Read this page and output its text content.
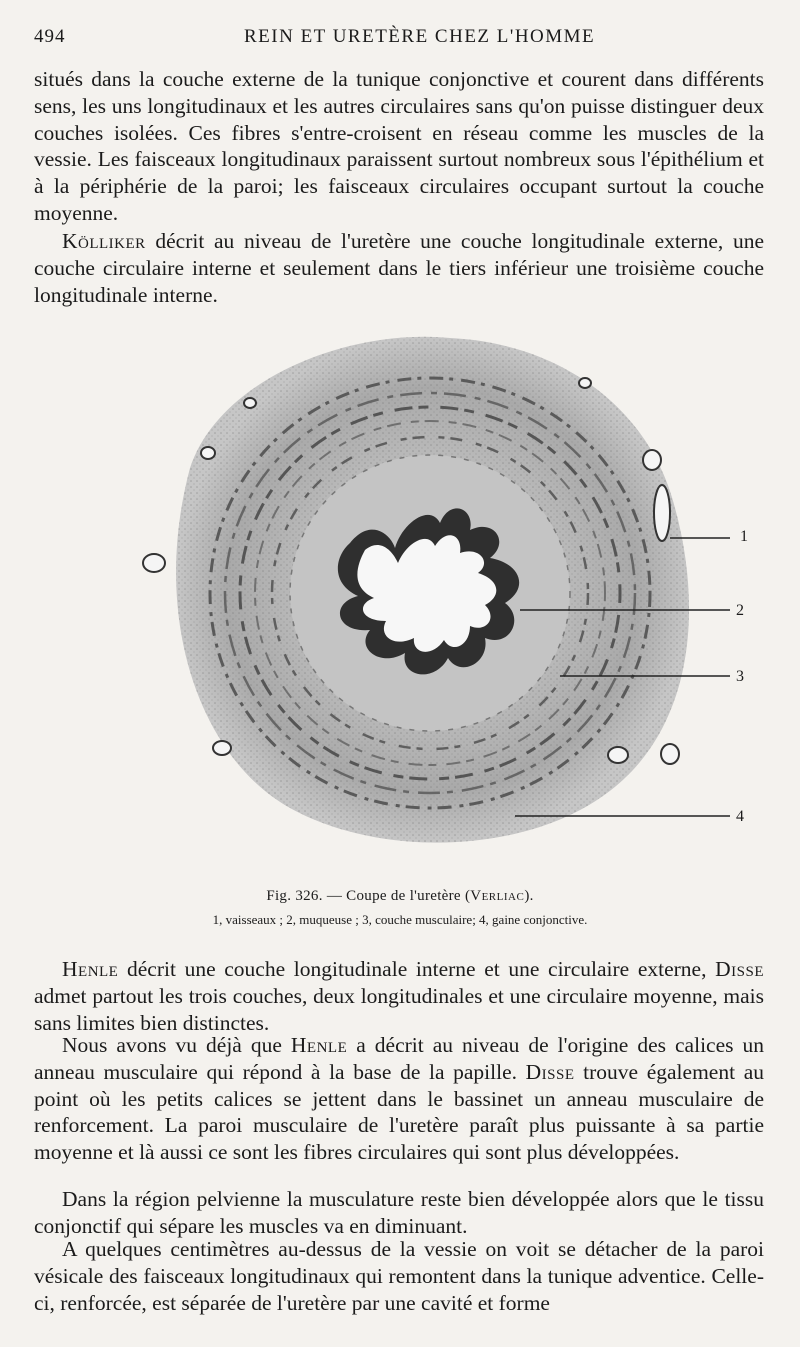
494	REIN ET URETÈRE CHEZ L'HOMME

situés dans la couche externe de la tunique conjonctive et courent dans différents sens, les uns longitudinaux et les autres circulaires sans qu'on puisse distinguer deux couches isolées. Ces fibres s'entre-croisent en réseau comme les muscles de la vessie. Les faisceaux longitudinaux paraissent surtout nombreux sous l'épithélium et à la périphérie de la paroi; les faisceaux circulaires occupant surtout la couche moyenne.

Kölliker décrit au niveau de l'uretère une couche longitudinale externe, une couche circulaire interne et seulement dans le tiers inférieur une troisième couche longitudinale interne.

1
2
3
4
Fig. 326. — Coupe de l'uretère (Verliac).
1, vaisseaux ; 2, muqueuse ; 3, couche musculaire; 4, gaine conjonctive.

Henle décrit une couche longitudinale interne et une circulaire externe, Disse admet partout les trois couches, deux longitudinales et une circulaire moyenne, mais sans limites bien distinctes.

Nous avons vu déjà que Henle a décrit au niveau de l'origine des calices un anneau musculaire qui répond à la base de la papille. Disse trouve également au point où les petits calices se jettent dans le bassinet un anneau musculaire de renforcement. La paroi musculaire de l'uretère paraît plus puissante à sa partie moyenne et là aussi ce sont les fibres circulaires qui sont plus développées.

Dans la région pelvienne la musculature reste bien développée alors que le tissu conjonctif qui sépare les muscles va en diminuant.

A quelques centimètres au-dessus de la vessie on voit se détacher de la paroi vésicale des faisceaux longitudinaux qui remontent dans la tunique adventice. Celle-ci, renforcée, est séparée de l'uretère par une cavité et forme
